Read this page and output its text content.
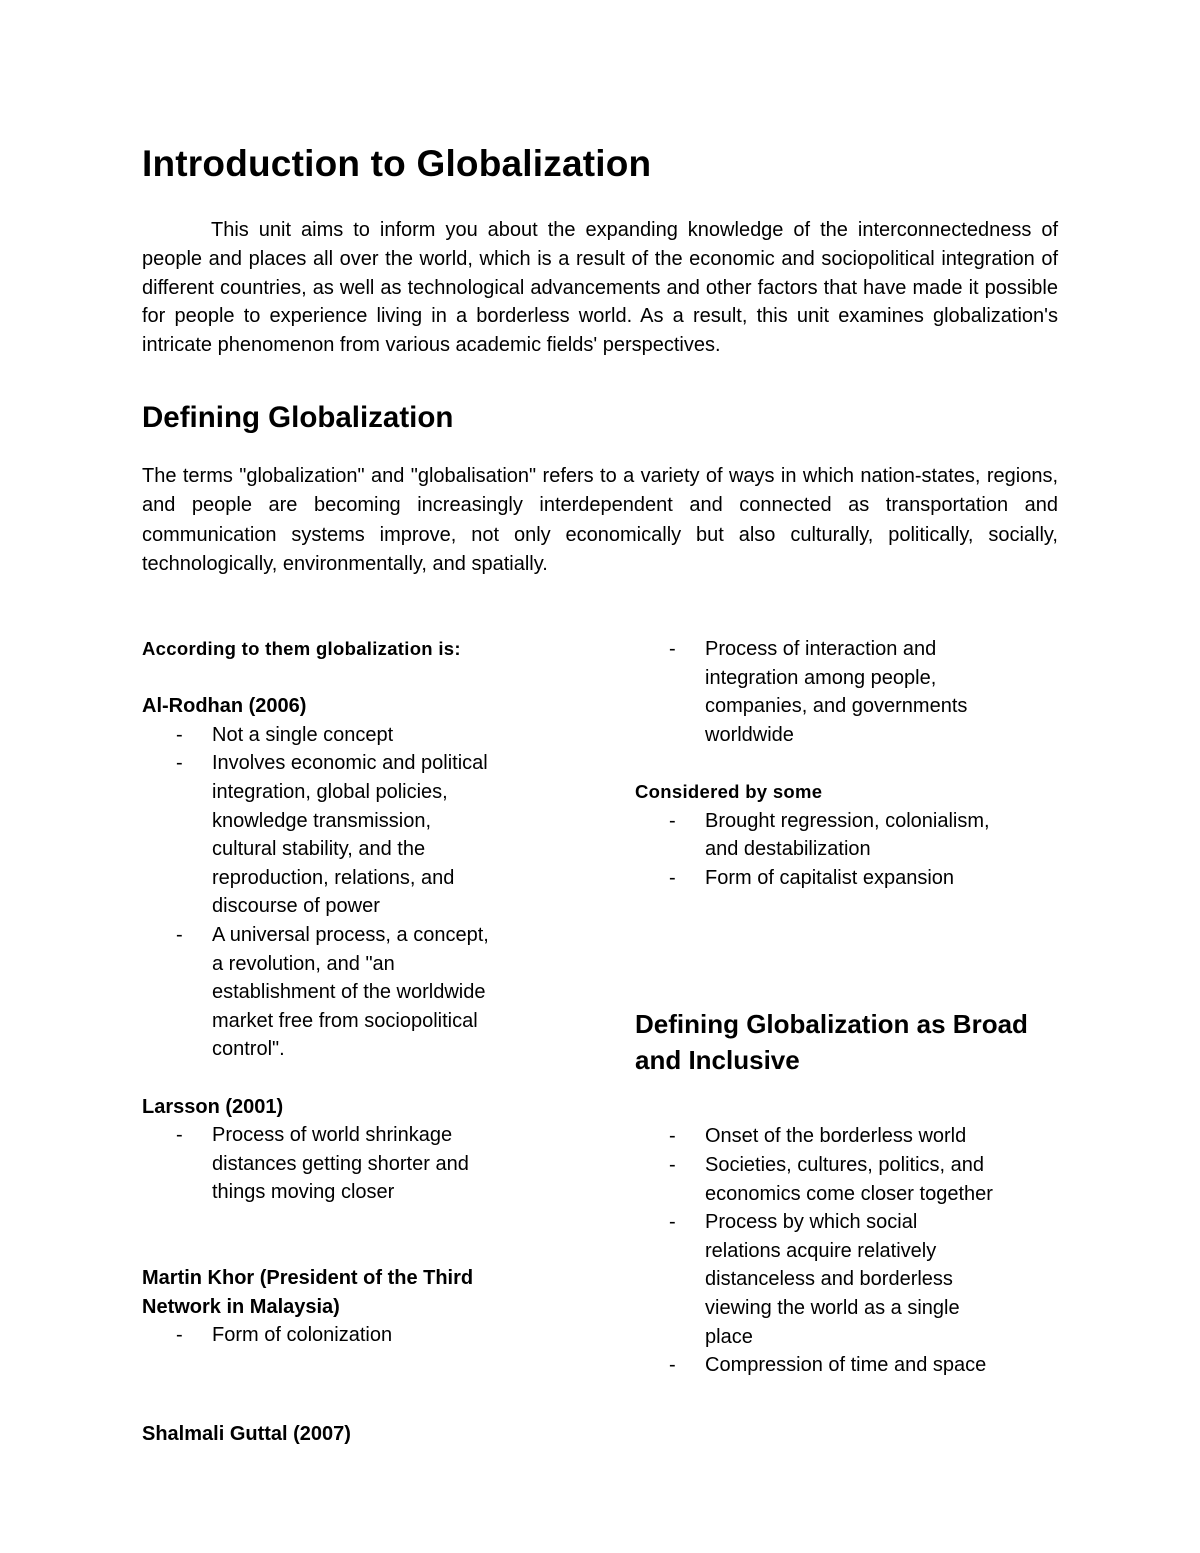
Introduction to Globalization

This unit aims to inform you about the expanding knowledge of the interconnectedness of people and places all over the world, which is a result of the economic and sociopolitical integration of different countries, as well as technological advancements and other factors that have made it possible for people to experience living in a borderless world. As a result, this unit examines globalization's intricate phenomenon from various academic fields' perspectives.

Defining Globalization

The terms "globalization" and "globalisation" refers to a variety of ways in which nation-states, regions, and people are becoming increasingly interdependent and connected as transportation and communication systems improve, not only economically but also culturally, politically, socially, technologically, environmentally, and spatially.

According to them globalization is:

Al-Rodhan (2006)

- Not a single concept
- Involves economic and political integration, global policies, knowledge transmission, cultural stability, and the reproduction, relations, and discourse of power
- A universal process, a concept, a revolution, and "an establishment of the worldwide market free from sociopolitical control".

Larsson (2001)

- Process of world shrinkage distances getting shorter and things moving closer

Martin Khor (President of the Third Network in Malaysia)

- Form of colonization

Shalmali Guttal (2007)

- Process of interaction and integration among people, companies, and governments worldwide

Considered by some

- Brought regression, colonialism, and destabilization
- Form of capitalist expansion
Defining Globalization as Broad and Inclusive
- Onset of the borderless world
- Societies, cultures, politics, and economics come closer together
- Process by which social relations acquire relatively distanceless and borderless viewing the world as a single place
- Compression of time and space
